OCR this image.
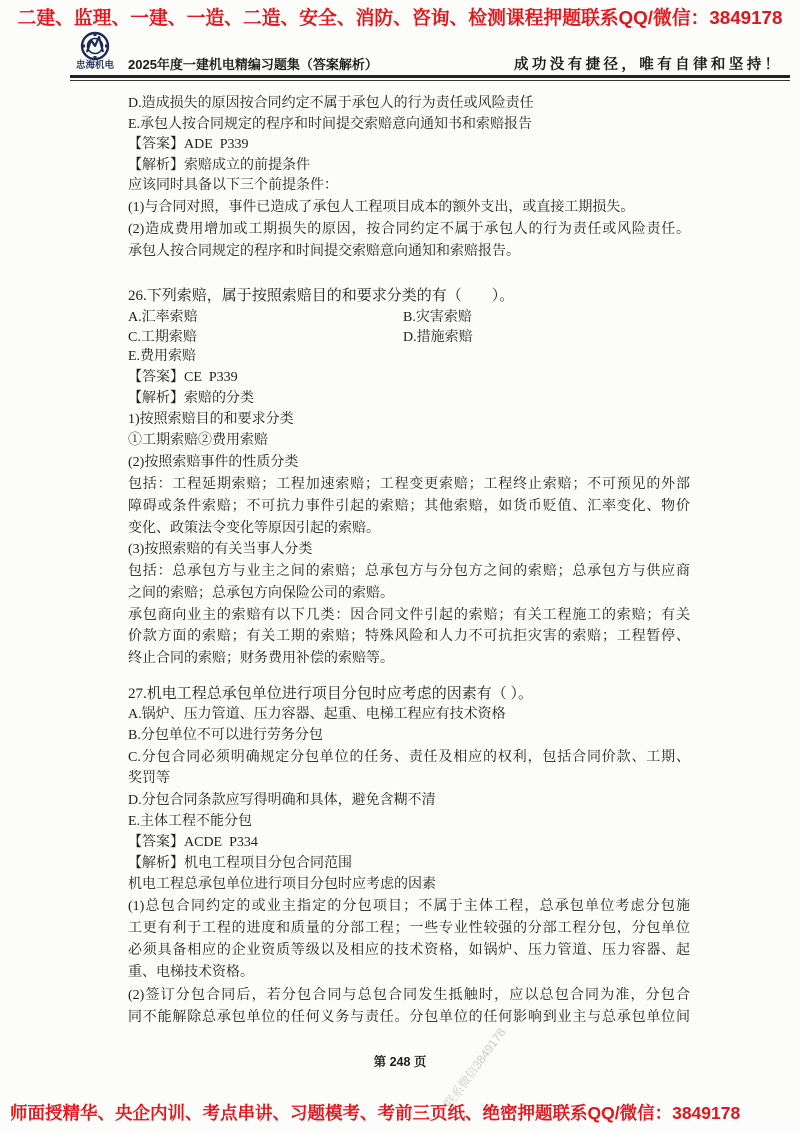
二建、监理、一建、一造、二造、安全、消防、咨询、检测课程押题联系QQ/微信：3849178
忠海机电 2025年度一建机电精编习题集（答案解析）	成功没有捷径，唯有自律和坚持！
D.造成损失的原因按合同约定不属于承包人的行为责任或风险责任
E.承包人按合同规定的程序和时间提交索赔意向通知书和索赔报告
【答案】ADE  P339
【解析】索赔成立的前提条件
应该同时具备以下三个前提条件：
(1)与合同对照，事件已造成了承包人工程项目成本的额外支出，或直接工期损失。
(2)造成费用增加或工期损失的原因，按合同约定不属于承包人的行为责任或风险责任。
承包人按合同规定的程序和时间提交索赔意向通知和索赔报告。
26.下列索赔，属于按照索赔目的和要求分类的有（　　）。
A.汇率索赔	B.灾害索赔
C.工期索赔	D.措施索赔
E.费用索赔
【答案】CE  P339
【解析】索赔的分类
1)按照索赔目的和要求分类
①工期索赔②费用索赔
(2)按照索赔事件的性质分类
包括：工程延期索赔；工程加速索赔；工程变更索赔；工程终止索赔；不可预见的外部
障碍或条件索赔；不可抗力事件引起的索赔；其他索赔，如货币贬值、汇率变化、物价
变化、政策法令变化等原因引起的索赔。
(3)按照索赔的有关当事人分类
包括：总承包方与业主之间的索赔；总承包方与分包方之间的索赔；总承包方与供应商
之间的索赔；总承包方向保险公司的索赔。
承包商向业主的索赔有以下几类：因合同文件引起的索赔；有关工程施工的索赔；有关
价款方面的索赔；有关工期的索赔；特殊风险和人力不可抗拒灾害的索赔；工程暂停、
终止合同的索赔；财务费用补偿的索赔等。
27.机电工程总承包单位进行项目分包时应考虑的因素有（ ）。
A.锅炉、压力管道、压力容器、起重、电梯工程应有技术资格
B.分包单位不可以进行劳务分包
C.分包合同必须明确规定分包单位的任务、责任及相应的权利，包括合同价款、工期、
奖罚等
D.分包合同条款应写得明确和具体，避免含糊不清
E.主体工程不能分包
【答案】ACDE  P334
【解析】机电工程项目分包合同范围
机电工程总承包单位进行项目分包时应考虑的因素
(1)总包合同约定的或业主指定的分包项目；不属于主体工程，总承包单位考虑分包施
工更有利于工程的进度和质量的分部工程；一些专业性较强的分部工程分包，分包单位
必须具备相应的企业资质等级以及相应的技术资格，如锅炉、压力管道、压力容器、起
重、电梯技术资格。
(2)签订分包合同后，若分包合同与总包合同发生抵触时，应以总包合同为准，分包合
同不能解除总承包单位的任何义务与责任。分包单位的任何影响到业主与总承包单位间
第 248 页	联系微信3849178
师面授精华、央企内训、考点串讲、习题模考、考前三页纸、绝密押题联系QQ/微信：3849178
